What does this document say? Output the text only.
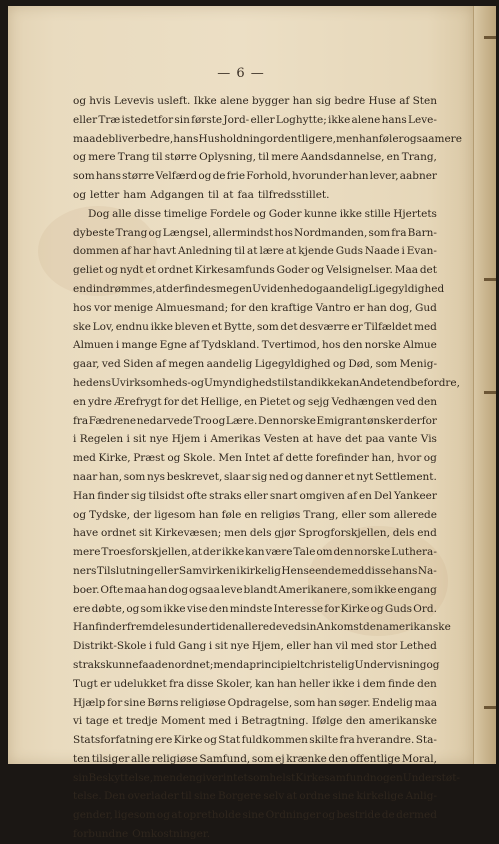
— 6 —
og hvis Levevis usleft. Ikke alene bygger han sig bedre Huse af Sten
eller Træ istedetfor sin første Jord- eller Loghytte; ikke alene hans Leve-
maade bliver bedre, hans Husholdning ordentligere, men han føler ogsaa mere
og mere Trang til større Oplysning, til mere Aandsdannelse, en Trang,
som hans større Velfærd og de frie Forhold, hvorunder han lever, aabner
og letter ham Adgangen til at faa tilfredsstillet.
Dog alle disse timelige Fordele og Goder kunne ikke stille Hjertets
dybeste Trang og Længsel, allermindst hos Nordmanden, som fra Barn-
dommen af har havt Anledning til at lære at kjende Guds Naade i Evan-
geliet og nydt et ordnet Kirkesamfunds Goder og Velsignelser. Maa det
end indrømmes, at der findes megen Uvidenhed og aandelig Ligegyldighed
hos vor menige Almuesmand; for den kraftige Vantro er han dog, Gud
ske Lov, endnu ikke bleven et Bytte, som det desværre er Tilfældet med
Almuen i mange Egne af Tydskland. Tvertimod, hos den norske Almue
gaar, ved Siden af megen aandelig Ligegyldighed og Død, som Menig-
hedens Uvirksomheds- og Umyndighedstilstand ikke kan Andet end befordre,
en ydre Ærefrygt for det Hellige, en Pietet og sejg Vedhængen ved den
fra Fædrene nedarvede Tro og Lære. Den norske Emigrant ønsker derfor
i Regelen i sit nye Hjem i Amerikas Vesten at have det paa vante Vis
med Kirke, Præst og Skole. Men Intet af dette forefinder han, hvor og
naar han, som nys beskrevet, slaar sig ned og danner et nyt Settlement.
Han finder sig tilsidst ofte straks eller snart omgiven af en Del Yankeer
og Tydske, der ligesom han føle en religiøs Trang, eller som allerede
have ordnet sit Kirkevæsen; men dels gjør Sprogforskjellen, dels end
mere Troesforskjellen, at der ikke kan være Tale om den norske Luthera-
ners Tilslutning eller Samvirken i kirkelig Henseende med disse hans Na-
boer. Ofte maa han dog ogsaa leve blandt Amerikanere, som ikke engang
ere døbte, og som ikke vise den mindste Interesse for Kirke og Guds Ord.
Han finder fremdeles undertiden allerede ved sin Ankomst den amerikanske
Distrikt-Skole i fuld Gang i sit nye Hjem, eller han vil med stor Lethed
straks kunne faa den ordnet; men da principielt christelig Undervisning og
Tugt er udelukket fra disse Skoler, kan han heller ikke i dem finde den
Hjælp for sine Børns religiøse Opdragelse, som han søger. Endelig maa
vi tage et tredje Moment med i Betragtning. Ifølge den amerikanske
Statsforfatning ere Kirke og Stat fuldkommen skilte fra hverandre. Sta-
ten tilsiger alle religiøse Samfund, som ej krænke den offentlige Moral,
sin Beskyttelse, men den giver intetsomhelst Kirkesamfund nogen Understøt-
telse. Den overlader til sine Borgere selv at ordne sine kirkelige Anlig-
gender, ligesom og at opretholde sine Ordninger og bestride de dermed
forbundne Omkostninger.
